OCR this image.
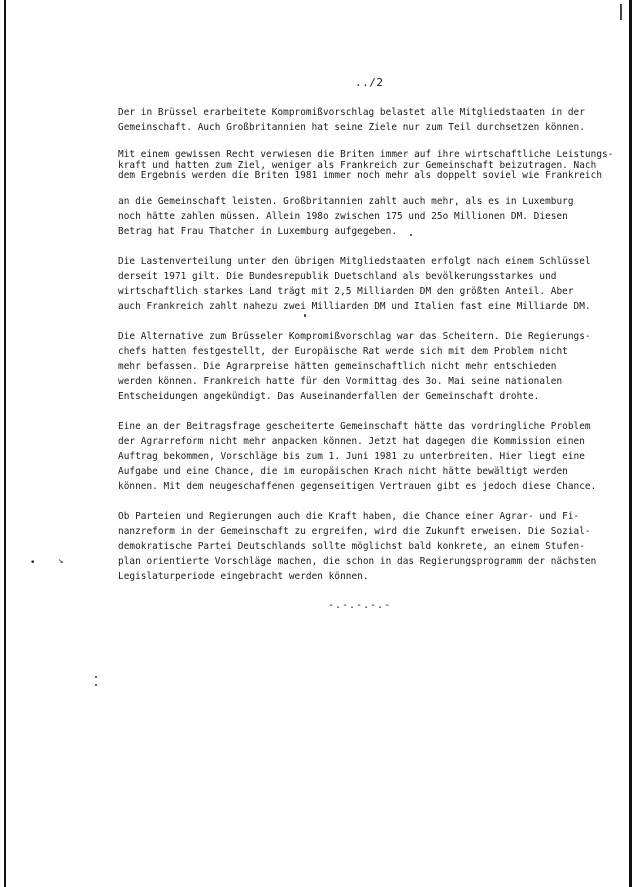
../2

Der in Brüssel erarbeitete Kompromißvorschlag belastet alle Mitgliedstaaten in der
Gemeinschaft. Auch Großbritannien hat seine Ziele nur zum Teil durchsetzen können.

Mit einem gewissen Recht verwiesen die Briten immer auf ihre wirtschaftliche Leistungs-
kraft und hatten zum Ziel, weniger als Frankreich zur Gemeinschaft beizutragen. Nach
dem Ergebnis werden die Briten 1981 immer noch mehr als doppelt soviel wie Frankreich
an die Gemeinschaft leisten. Großbritannien zahlt auch mehr, als es in Luxemburg
noch hätte zahlen müssen. Allein 198o zwischen 175 und 25o Millionen DM. Diesen
Betrag hat Frau Thatcher in Luxemburg aufgegeben.

Die Lastenverteilung unter den übrigen Mitgliedstaaten erfolgt nach einem Schlüssel
derseit 1971 gilt. Die Bundesrepublik Duetschland als bevölkerungsstarkes und
wirtschaftlich starkes Land trägt mit 2,5 Milliarden DM den größten Anteil. Aber
auch Frankreich zahlt nahezu zwei Milliarden DM und Italien fast eine Milliarde DM.

Die Alternative zum Brüsseler Kompromißvorschlag war das Scheitern. Die Regierungs-
chefs hatten festgestellt, der Europäische Rat werde sich mit dem Problem nicht
mehr befassen. Die Agrarpreise hätten gemeinschaftlich nicht mehr entschieden
werden können. Frankreich hatte für den Vormittag des 3o. Mai seine nationalen
Entscheidungen angekündigt. Das Auseinanderfallen der Gemeinschaft drohte.

Eine an der Beitragsfrage gescheiterte Gemeinschaft hätte das vordringliche Problem
der Agrarreform nicht mehr anpacken können. Jetzt hat dagegen die Kommission einen
Auftrag bekommen, Vorschläge bis zum 1. Juni 1981 zu unterbreiten. Hier liegt eine
Aufgabe und eine Chance, die im europäischen Krach nicht hätte bewältigt werden
können. Mit dem neugeschaffenen gegenseitigen Vertrauen gibt es jedoch diese Chance.

Ob Parteien und Regierungen auch die Kraft haben, die Chance einer Agrar- und Fi-
nanzreform in der Gemeinschaft zu ergreifen, wird die Zukunft erweisen. Die Sozial-
demokratische Partei Deutschlands sollte möglichst bald konkrete, an einem Stufen-
plan orientierte Vorschläge machen, die schon in das Regierungsprogramm der nächsten
Legislaturperiode eingebracht werden können.

-.-.-.-.-
•	↘
